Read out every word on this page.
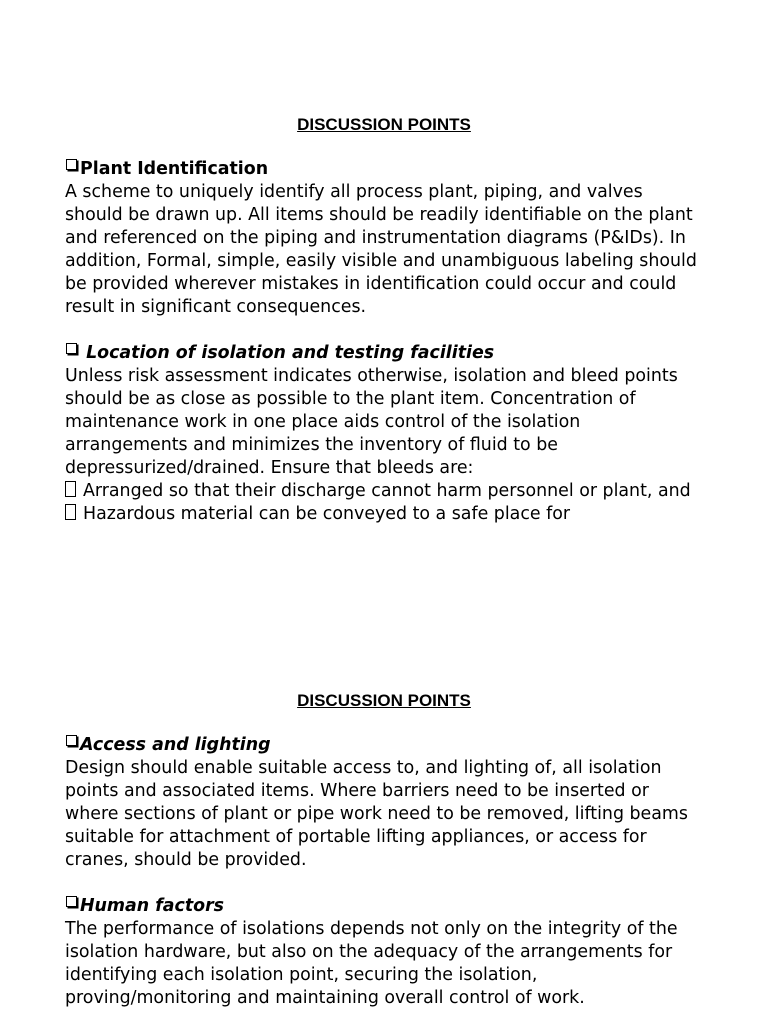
DISCUSSION POINTS
Plant Identification

A scheme to uniquely identify all process plant, piping, and valves should be drawn up. All items should be readily identifiable on the plant and referenced on the piping and instrumentation diagrams (P&IDs). In addition, Formal, simple, easily visible and unambiguous labeling should be provided wherever mistakes in identification could occur and could result in significant consequences.

Location of isolation and testing facilities

Unless risk assessment indicates otherwise, isolation and bleed points should be as close as possible to the plant item. Concentration of maintenance work in one place aids control of the isolation arrangements and minimizes the inventory of fluid to be depressurized/drained. Ensure that bleeds are:

Arranged so that their discharge cannot harm personnel or plant, and
Hazardous material can be conveyed to a safe place for
DISCUSSION POINTS
Access and lighting

Design should enable suitable access to, and lighting of, all isolation points and associated items. Where barriers need to be inserted or where sections of plant or pipe work need to be removed, lifting beams suitable for attachment of portable lifting appliances, or access for cranes, should be provided.

Human factors

The performance of isolations depends not only on the integrity of the isolation hardware, but also on the adequacy of the arrangements for identifying each isolation point, securing the isolation, proving/monitoring and maintaining overall control of work.
